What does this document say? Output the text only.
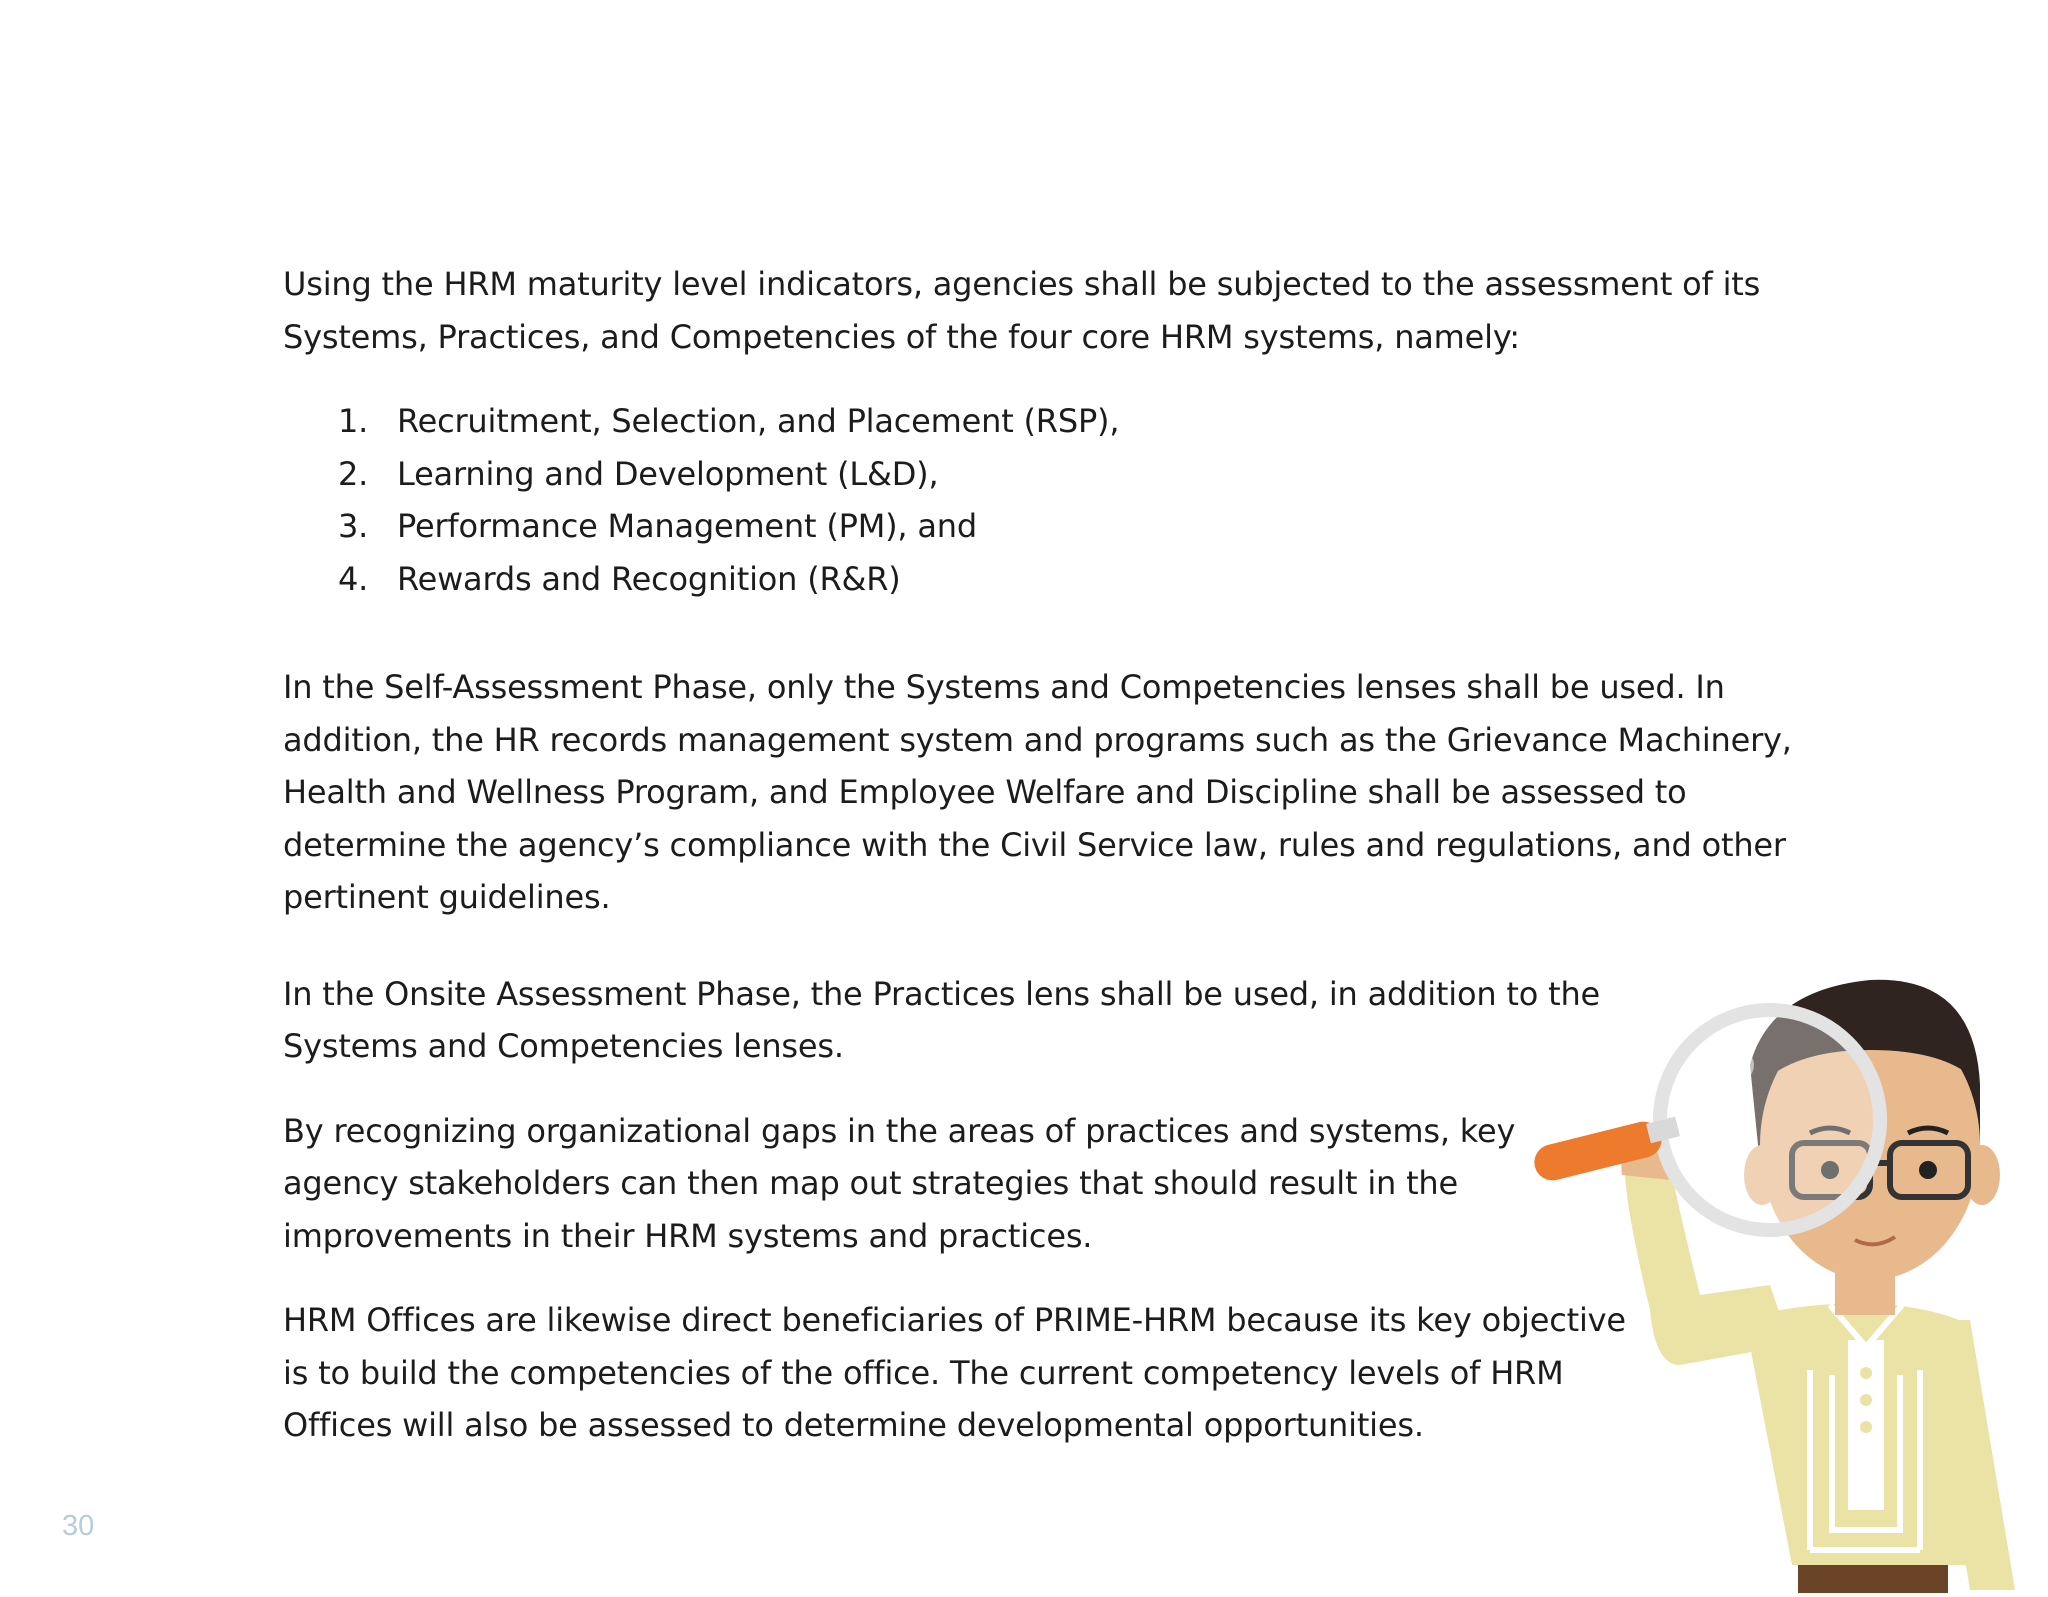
Using the HRM maturity level indicators, agencies shall be subjected to the assessment of its Systems, Practices, and Competencies of the four core HRM systems, namely:

1. Recruitment, Selection, and Placement (RSP),
2. Learning and Development (L&D),
3. Performance Management (PM), and
4. Rewards and Recognition (R&R)

In the Self-Assessment Phase, only the Systems and Competencies lenses shall be used. In addition, the HR records management system and programs such as the Grievance Machinery, Health and Wellness Program, and Employee Welfare and Discipline shall be assessed to determine the agency’s compliance with the Civil Service law, rules and regulations, and other pertinent guidelines.

In the Onsite Assessment Phase, the Practices lens shall be used, in addition to the Systems and Competencies lenses.

By recognizing organizational gaps in the areas of practices and systems, key agency stakeholders can then map out strategies that should result in the improvements in their HRM systems and practices.

HRM Offices are likewise direct beneficiaries of PRIME-HRM because its key objective is to build the competencies of the office. The current competency levels of HRM Offices will also be assessed to determine developmental opportunities.

30
